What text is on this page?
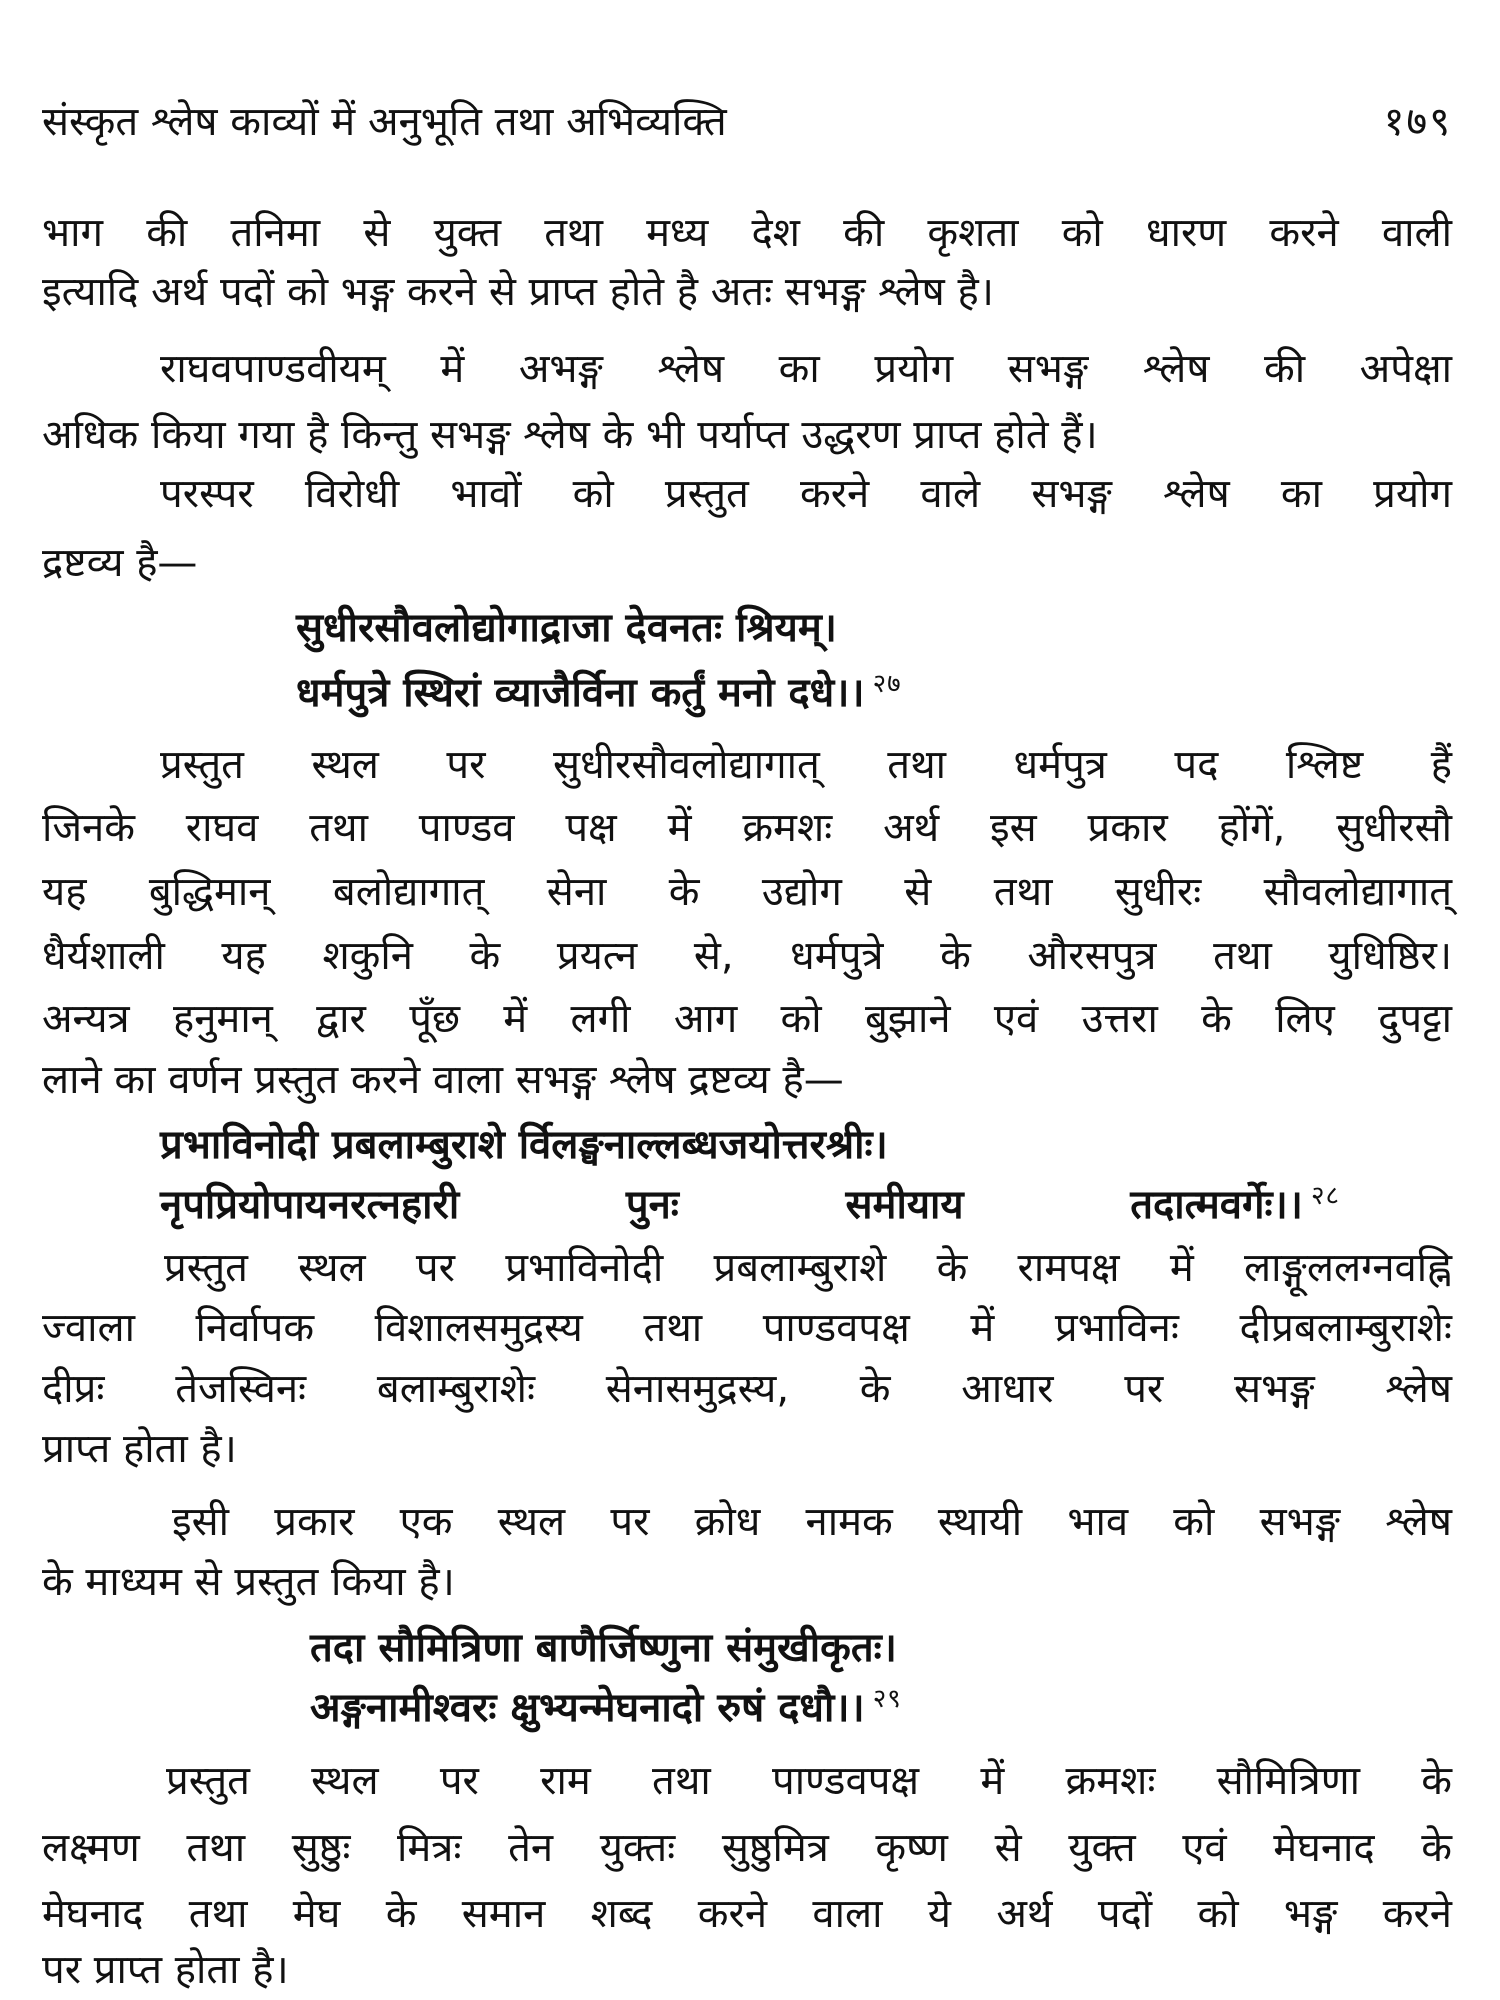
संस्कृत श्लेष काव्यों में अनुभूति तथा अभिव्यक्ति	१७९
भाग की तनिमा से युक्त तथा मध्य देश की कृशता को धारण करने वाली
इत्यादि अर्थ पदों को भङ्ग करने से प्राप्त होते है अतः सभङ्ग श्लेष है।
राघवपाण्डवीयम् में अभङ्ग श्लेष का प्रयोग सभङ्ग श्लेष की अपेक्षा
अधिक किया गया है किन्तु सभङ्ग श्लेष के भी पर्याप्त उद्धरण प्राप्त होते हैं।
परस्पर विरोधी भावों को प्रस्तुत करने वाले सभङ्ग श्लेष का प्रयोग
द्रष्टव्य है—
सुधीरसौवलोद्योगाद्राजा देवनतः श्रियम्।
धर्मपुत्रे स्थिरां व्याजैर्विना कर्तुं मनो दधे।। $^{२७}$
प्रस्तुत स्थल पर सुधीरसौवलोद्यागात् तथा धर्मपुत्र पद श्लिष्ट हैं
जिनके राघव तथा पाण्डव पक्ष में क्रमशः अर्थ इस प्रकार होंगें, सुधीरसौ
यह बुद्धिमान् बलोद्यागात् सेना के उद्योग से तथा सुधीरः सौवलोद्यागात्
धैर्यशाली यह शकुनि के प्रयत्न से, धर्मपुत्रे के औरसपुत्र तथा युधिष्ठिर।
अन्यत्र हनुमान् द्वार पूँछ में लगी आग को बुझाने एवं उत्तरा के लिए दुपट्टा
लाने का वर्णन प्रस्तुत करने वाला सभङ्ग श्लेष द्रष्टव्य है—
प्रभाविनोदी प्रबलाम्बुराशे र्विलङ्घनाल्लब्धजयोत्तरश्रीः।
नृपप्रियोपायनरत्नहारी	पुनः	समीयाय	तदात्मवर्गेः।। $^{२८}$
प्रस्तुत स्थल पर प्रभाविनोदी प्रबलाम्बुराशे के रामपक्ष में लाङ्गूललग्नवह्नि
ज्वाला निर्वापक विशालसमुद्रस्य तथा पाण्डवपक्ष में प्रभाविनः दीप्रबलाम्बुराशेः
दीप्रः तेजस्विनः बलाम्बुराशेः सेनासमुद्रस्य, के आधार पर सभङ्ग श्लेष
प्राप्त होता है।
इसी प्रकार एक स्थल पर क्रोध नामक स्थायी भाव को सभङ्ग श्लेष
के माध्यम से प्रस्तुत किया है।
तदा सौमित्रिणा बाणैर्जिष्णुना संमुखीकृतः।
अङ्गनामीश्वरः क्षुभ्यन्मेघनादो रुषं दधौ।। $^{२९}$
प्रस्तुत स्थल पर राम तथा पाण्डवपक्ष में क्रमशः सौमित्रिणा के
लक्ष्मण तथा सुष्ठुः मित्रः तेन युक्तः सुष्ठुमित्र कृष्ण से युक्त एवं मेघनाद के
मेघनाद तथा मेघ के समान शब्द करने वाला ये अर्थ पदों को भङ्ग करने
पर प्राप्त होता है।
